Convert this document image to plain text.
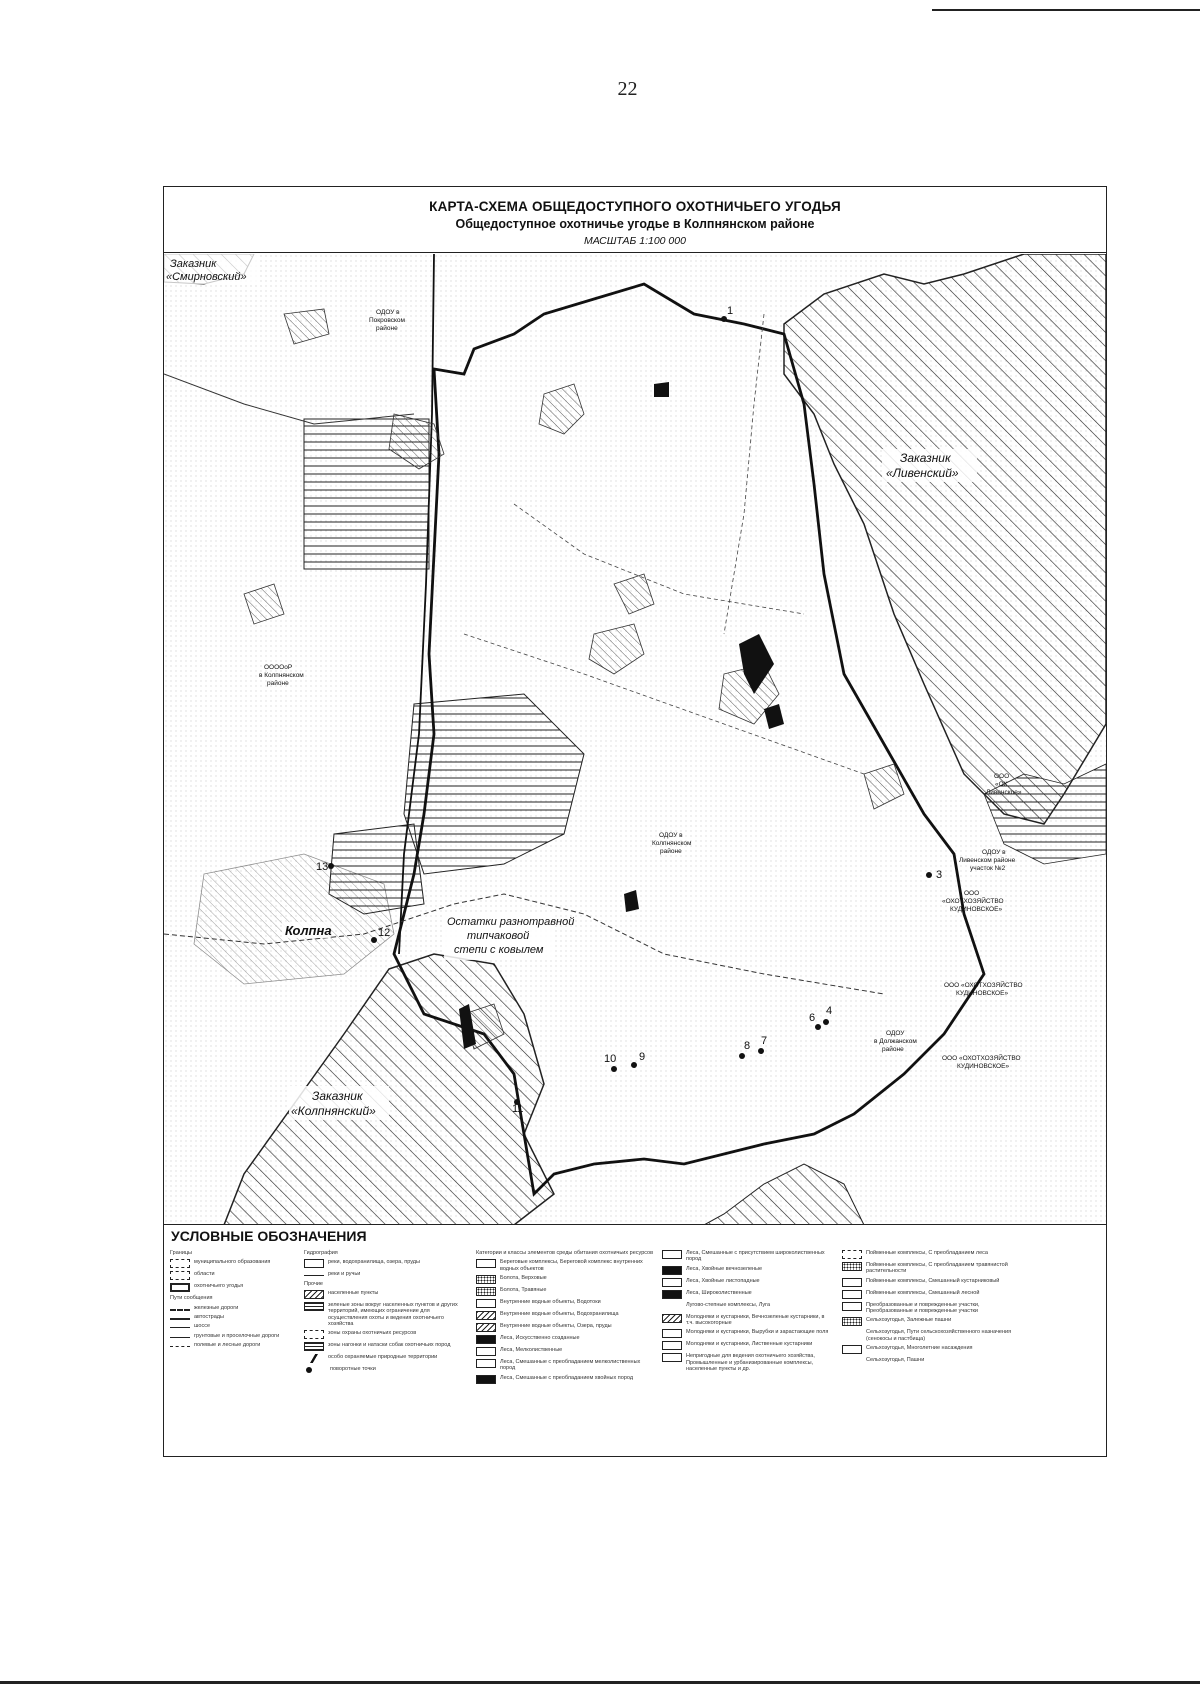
22
КАРТА-СХЕМА ОБЩЕДОСТУПНОГО ОХОТНИЧЬЕГО УГОДЬЯ
Общедоступное охотничье угодье в Колпнянском районе
МАСШТАБ 1:100 000
1
3
4
6
7
8
9
10
11
12
13
Заказник
«Смирновский»
Заказник
«Ливенский»
Заказник
«Колпнянский»
Колпна
Остатки разнотравной
типчаковой
степи с ковылем
ОДОУ в
Покровском
районе
ОДОУ в
Колпнянском
районе
ООООоР
в Колпнянском
районе
ООО
«ОХ
Ливенское»
ОДОУ в
Ливенском районе
участок №2
ООО
«ОХОТХОЗЯЙСТВО
КУДИНОВСКОЕ»
ООО «ОХОТХОЗЯЙСТВО
КУДИНОВСКОЕ»
ООО «ОХОТХОЗЯЙСТВО
КУДИНОВСКОЕ»
ОДОУ
в Должанском
районе
УСЛОВНЫЕ ОБОЗНАЧЕНИЯ
Границы
муниципального образования
области
охотничьего угодья
Пути сообщения
железные дороги
автострады
шоссе
грунтовые и проселочные дороги
полевые и лесные дороги
Гидрография
реки, водохранилища, озера, пруды
реки и ручьи
Прочие
населенные пункты
зеленые зоны вокруг населенных пунктов и других территорий, имеющих ограничение для осуществления охоты и ведения охотничьего хозяйства
зоны охраны охотничьих ресурсов
зоны нагонки и натаски собак охотничьих пород
особо охраняемые природные территории
поворотные точки
Категории и классы элементов среды обитания охотничьих ресурсов
Береговые комплексы, Береговой комплекс внутренних водных объектов
Болота, Верховые
Болота, Травяные
Внутренние водные объекты, Водотоки
Внутренние водные объекты, Водохранилища
Внутренние водные объекты, Озера, пруды
Леса, Искусственно созданные
Леса, Мелколиственные
Леса, Смешанные с преобладанием мелколиственных пород
Леса, Смешанные с преобладанием хвойных пород
Леса, Смешанные с присутствием широколиственных пород
Леса, Хвойные вечнозеленые
Леса, Хвойные листопадные
Леса, Широколиственные
Лугово-степные комплексы, Луга
Молодняки и кустарники, Вечнозеленые кустарники, в т.ч. высокогорные
Молодняки и кустарники, Вырубки и зарастающие поля
Молодняки и кустарники, Лиственные кустарники
Непригодные для ведения охотничьего хозяйства, Промышленные и урбанизированные комплексы, населенные пункты и др.
Пойменные комплексы, С преобладанием леса
Пойменные комплексы, С преобладанием травянистой растительности
Пойменные комплексы, Смешанный кустарниковый
Пойменные комплексы, Смешанный лесной
Преобразованные и поврежденные участки, Преобразованные и поврежденные участки
Сельхозугодья, Залежные пашни
Сельхозугодья, Пути сельскохозяйственного назначения (сенокосы и пастбища)
Сельхозугодья, Многолетние насаждения
Сельхозугодья, Пашни
